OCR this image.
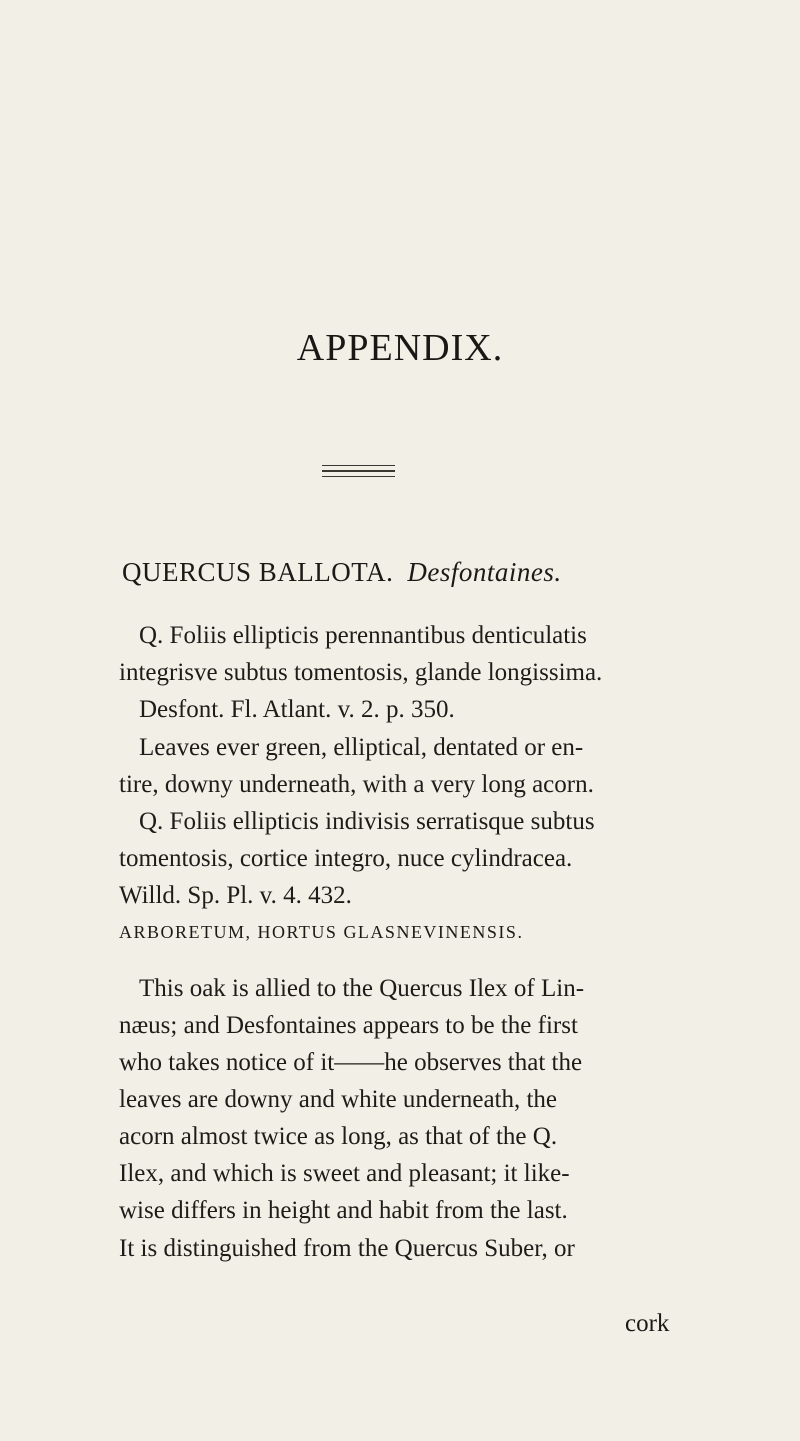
APPENDIX.
QUERCUS BALLOTA. Desfontaines.
Q. Foliis ellipticis perennantibus denticulatis
integrisve subtus tomentosis, glande longissima.
Desfont. Fl. Atlant. v. 2. p. 350.
Leaves ever green, elliptical, dentated or en-
tire, downy underneath, with a very long acorn.
Q. Foliis ellipticis indivisis serratisque subtus
tomentosis, cortice integro, nuce cylindracea.
Willd. Sp. Pl. v. 4. 432.
ARBORETUM, HORTUS GLASNEVINENSIS.
This oak is allied to the Quercus Ilex of Lin-
næus; and Desfontaines appears to be the first
who takes notice of it——he observes that the
leaves are downy and white underneath, the
acorn almost twice as long, as that of the Q.
Ilex, and which is sweet and pleasant; it like-
wise differs in height and habit from the last.
It is distinguished from the Quercus Suber, or
cork
